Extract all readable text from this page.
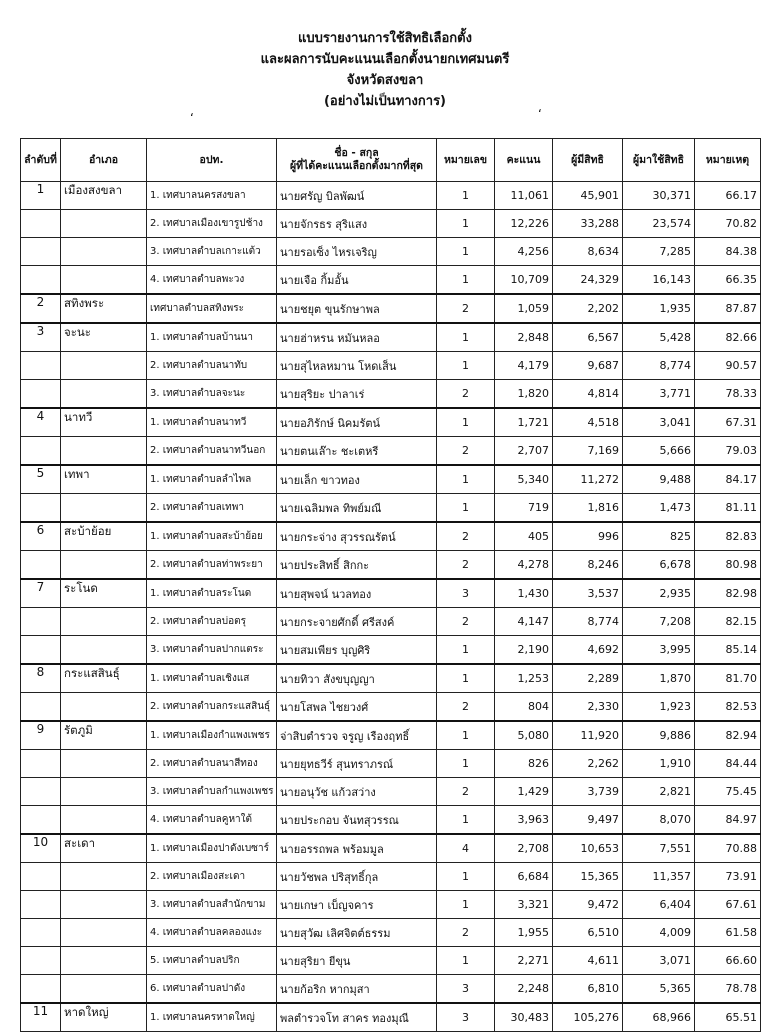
แบบรายงานการใช้สิทธิเลือกตั้ง
และผลการนับคะแนนเลือกตั้งนายกเทศมนตรี
จังหวัดสงขลา
(อย่างไม่เป็นทางการ)
ʻ	ʻ
ลำดับที่	อำเภอ	อปท.	ชื่อ - สกุล
ผู้ที่ได้คะแนนเลือกตั้งมากที่สุด	หมายเลข	คะแนน	ผู้มีสิทธิ	ผู้มาใช้สิทธิ	หมายเหตุ
1	เมืองสงขลา	1. เทศบาลนครสงขลา	นายศรัญ บิลพัฒน์	1	11,061	45,901	30,371	66.17
		2. เทศบาลเมืองเขารูปช้าง	นายจักรธร สุริแสง	1	12,226	33,288	23,574	70.82
		3. เทศบาลตำบลเกาะแต้ว	นายรอเซ็ง ไหรเจริญ	1	4,256	8,634	7,285	84.38
		4. เทศบาลตำบลพะวง	นายเจือ กิ้มอั้น	1	10,709	24,329	16,143	66.35
2	สทิงพระ	เทศบาลตำบลสทิงพระ	นายชยุต ขุนรักษาพล	2	1,059	2,202	1,935	87.87
3	จะนะ	1. เทศบาลตำบลบ้านนา	นายฮ่าหรน หมันหลอ	1	2,848	6,567	5,428	82.66
		2. เทศบาลตำบลนาทับ	นายสุไหลหมาน โหดเส็น	1	4,179	9,687	8,774	90.57
		3. เทศบาลตำบลจะนะ	นายสุริยะ ปาลาเร่	2	1,820	4,814	3,771	78.33
4	นาทวี	1. เทศบาลตำบลนาทวี	นายอภิรักษ์ นิคมรัตน์	1	1,721	4,518	3,041	67.31
		2. เทศบาลตำบลนาทวีนอก	นายตนเล๊าะ ชะเตหรี	2	2,707	7,169	5,666	79.03
5	เทพา	1. เทศบาลตำบลลำไพล	นายเล็ก ขาวทอง	1	5,340	11,272	9,488	84.17
		2. เทศบาลตำบลเทพา	นายเฉลิมพล ทิพย์มณี	1	719	1,816	1,473	81.11
6	สะบ้าย้อย	1. เทศบาลตำบลสะบ้าย้อย	นายกระจ่าง สุวรรณรัตน์	2	405	996	825	82.83
		2. เทศบาลตำบลท่าพระยา	นายประสิทธิ์ สิกกะ	2	4,278	8,246	6,678	80.98
7	ระโนด	1. เทศบาลตำบลระโนด	นายสุพจน์ นวลทอง	3	1,430	3,537	2,935	82.98
		2. เทศบาลตำบลบ่อตรุ	นายกระจายศักดิ์ ศรีสงค์	2	4,147	8,774	7,208	82.15
		3. เทศบาลตำบลปากแตระ	นายสมเพียร บุญศิริ	1	2,190	4,692	3,995	85.14
8	กระแสสินธุ์	1. เทศบาลตำบลเชิงแส	นายทิวา สังขบุญญา	1	1,253	2,289	1,870	81.70
		2. เทศบาลตำบลกระแสสินธุ์	นายโสพล ไชยวงศ์	2	804	2,330	1,923	82.53
9	รัตภูมิ	1. เทศบาลเมืองกำแพงเพชร	จ่าสิบตำรวจ จรูญ เรืองฤทธิ์	1	5,080	11,920	9,886	82.94
		2. เทศบาลตำบลนาสีทอง	นายยุทธวีร์ สุนทราภรณ์	1	826	2,262	1,910	84.44
		3. เทศบาลตำบลกำแพงเพชร	นายอนุวัช แก้วสว่าง	2	1,429	3,739	2,821	75.45
		4. เทศบาลตำบลคูหาใต้	นายประกอบ จันทสุวรรณ	1	3,963	9,497	8,070	84.97
10	สะเดา	1. เทศบาลเมืองปาดังเบซาร์	นายอรรถพล พร้อมมูล	4	2,708	10,653	7,551	70.88
		2. เทศบาลเมืองสะเดา	นายวัชพล ปริสุทธิ์กุล	1	6,684	15,365	11,357	73.91
		3. เทศบาลตำบลสำนักขาม	นายเกษา เบ็ญจคาร	1	3,321	9,472	6,404	67.61
		4. เทศบาลตำบลคลองแงะ	นายสุวัฒ เลิศจิตต์ธรรม	2	1,955	6,510	4,009	61.58
		5. เทศบาลตำบลปริก	นายสุริยา ยีขุน	1	2,271	4,611	3,071	66.60
		6. เทศบาลตำบลปาดัง	นายก้อริก หากมุสา	3	2,248	6,810	5,365	78.78
11	หาดใหญ่	1. เทศบาลนครหาดใหญ่	พลตำรวจโท สาคร ทองมุณี	3	30,483	105,276	68,966	65.51
